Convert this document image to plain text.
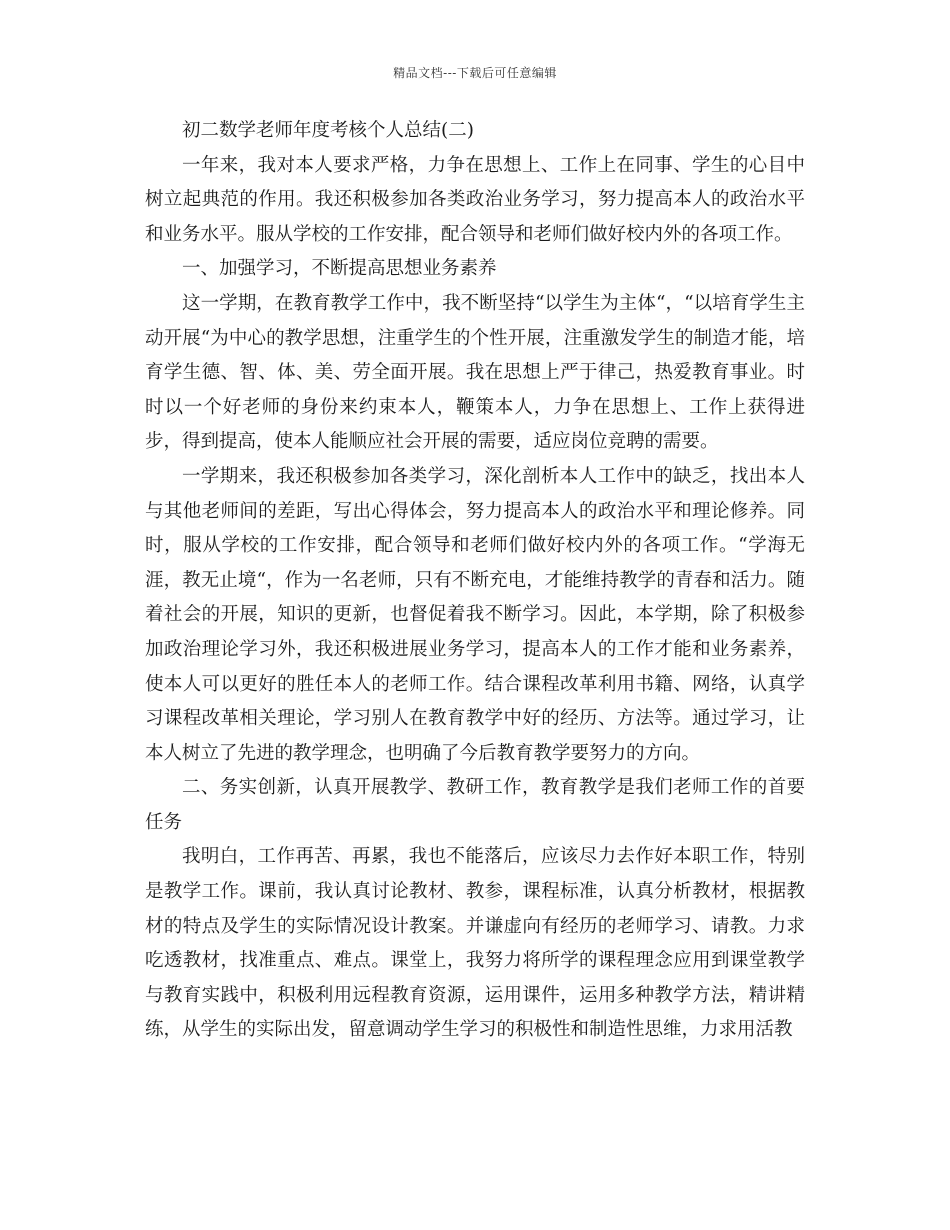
精品文档---下载后可任意编辑

初二数学老师年度考核个人总结(二)

一年来，我对本人要求严格，力争在思想上、工作上在同事、学生的心目中树立起典范的作用。我还积极参加各类政治业务学习，努力提高本人的政治水平和业务水平。服从学校的工作安排，配合领导和老师们做好校内外的各项工作。

一、加强学习，不断提高思想业务素养

这一学期，在教育教学工作中，我不断坚持“以学生为主体“，“以培育学生主动开展“为中心的教学思想，注重学生的个性开展，注重激发学生的制造才能，培育学生德、智、体、美、劳全面开展。我在思想上严于律己，热爱教育事业。时时以一个好老师的身份来约束本人，鞭策本人，力争在思想上、工作上获得进步，得到提高，使本人能顺应社会开展的需要，适应岗位竞聘的需要。

一学期来，我还积极参加各类学习，深化剖析本人工作中的缺乏，找出本人与其他老师间的差距，写出心得体会，努力提高本人的政治水平和理论修养。同时，服从学校的工作安排，配合领导和老师们做好校内外的各项工作。“学海无涯，教无止境“，作为一名老师，只有不断充电，才能维持教学的青春和活力。随着社会的开展，知识的更新，也督促着我不断学习。因此，本学期，除了积极参加政治理论学习外，我还积极进展业务学习，提高本人的工作才能和业务素养，使本人可以更好的胜任本人的老师工作。结合课程改革利用书籍、网络，认真学习课程改革相关理论，学习别人在教育教学中好的经历、方法等。通过学习，让本人树立了先进的教学理念，也明确了今后教育教学要努力的方向。

二、务实创新，认真开展教学、教研工作，教育教学是我们老师工作的首要任务

我明白，工作再苦、再累，我也不能落后，应该尽力去作好本职工作，特别是教学工作。课前，我认真讨论教材、教参，课程标准，认真分析教材，根据教材的特点及学生的实际情况设计教案。并谦虚向有经历的老师学习、请教。力求吃透教材，找准重点、难点。课堂上，我努力将所学的课程理念应用到课堂教学与教育实践中，积极利用远程教育资源，运用课件，运用多种教学方法，精讲精练，从学生的实际出发，留意调动学生学习的积极性和制造性思维，力求用活教
